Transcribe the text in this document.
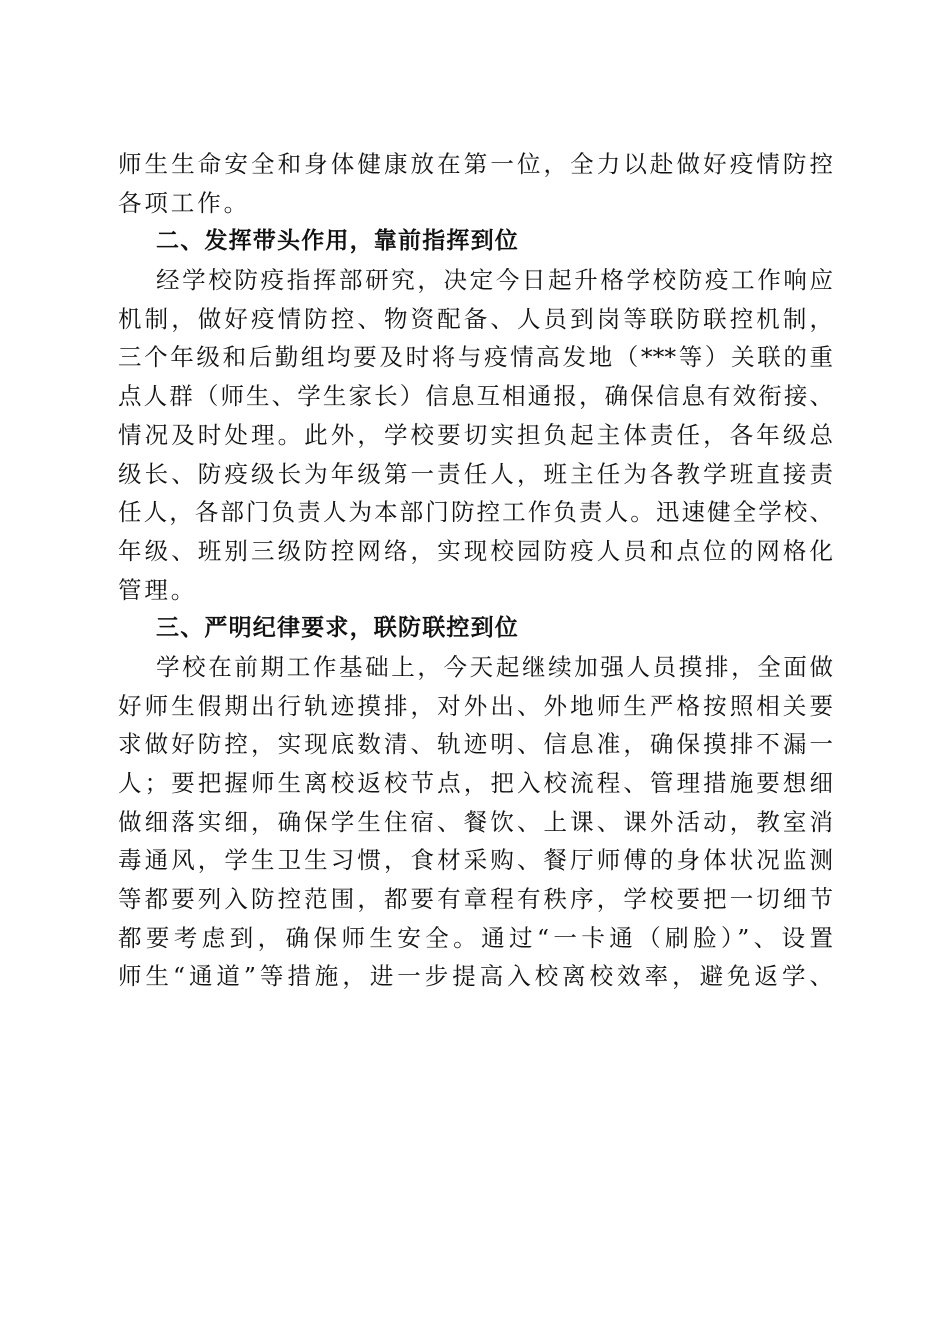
师生生命安全和身体健康放在第一位，全力以赴做好疫情防控
各项工作。
二、发挥带头作用，靠前指挥到位
经学校防疫指挥部研究，决定今日起升格学校防疫工作响应
机制，做好疫情防控、物资配备、人员到岗等联防联控机制，
三个年级和后勤组均要及时将与疫情高发地（***等）关联的重
点人群（师生、学生家长）信息互相通报，确保信息有效衔接、
情况及时处理。此外，学校要切实担负起主体责任，各年级总
级长、防疫级长为年级第一责任人，班主任为各教学班直接责
任人，各部门负责人为本部门防控工作负责人。迅速健全学校、
年级、班别三级防控网络，实现校园防疫人员和点位的网格化
管理。
三、严明纪律要求，联防联控到位
学校在前期工作基础上，今天起继续加强人员摸排，全面做
好师生假期出行轨迹摸排，对外出、外地师生严格按照相关要
求做好防控，实现底数清、轨迹明、信息准，确保摸排不漏一
人；要把握师生离校返校节点，把入校流程、管理措施要想细
做细落实细，确保学生住宿、餐饮、上课、课外活动，教室消
毒通风，学生卫生习惯，食材采购、餐厅师傅的身体状况监测
等都要列入防控范围，都要有章程有秩序，学校要把一切细节
都要考虑到，确保师生安全。通过“一卡通（刷脸）”、设置
师生“通道”等措施，进一步提高入校离校效率，避免返学、
